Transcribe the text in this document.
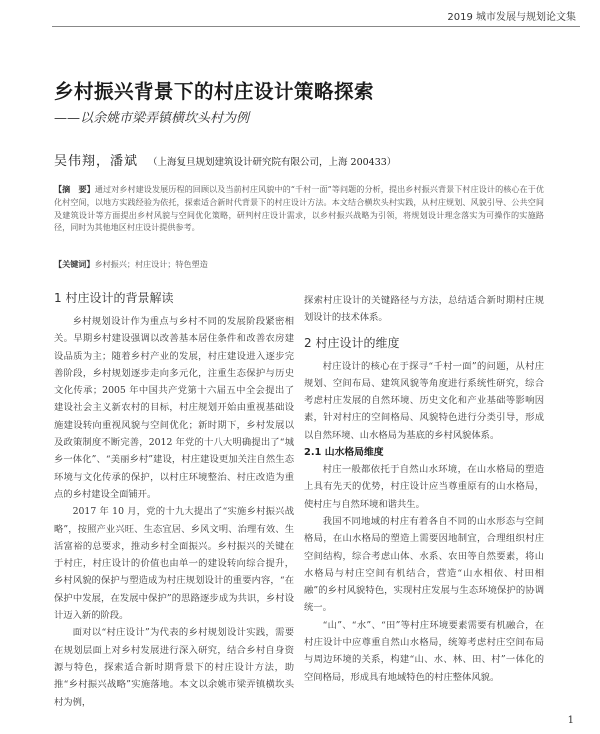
2019 城市发展与规划论文集
乡村振兴背景下的村庄设计策略探索
——以余姚市梁弄镇横坎头村为例
吴伟翔，潘斌 （上海复旦规划建筑设计研究院有限公司，上海 200433）
【摘　要】通过对乡村建设发展历程的回顾以及当前村庄风貌中的“千村一面”等问题的分析，提出乡村振兴背景下村庄设计的核心在于优化村空间，以地方实践经验为依托，探索适合新时代背景下的村庄设计方法。本文结合横坎头村实践，从村庄规划、风貌引导、公共空间及建筑设计等方面提出乡村风貌与空间优化策略，研判村庄设计需求，以乡村振兴战略为引领，将规划设计理念落实为可操作的实施路径，同时为其他地区村庄设计提供参考。
【关键词】乡村振兴；村庄设计；特色塑造
1 村庄设计的背景解读

乡村规划设计作为重点与乡村不同的发展阶段紧密相关。早期乡村建设强调以改善基本居住条件和改善农房建设品质为主；随着乡村产业的发展，村庄建设进入逐步完善阶段，乡村规划逐步走向多元化，注重生态保护与历史文化传承；2005 年中国共产党第十六届五中全会提出了建设社会主义新农村的目标，村庄规划开始由重视基础设施建设转向重视风貌与空间优化；新时期下，乡村发展以及政策制度不断完善，2012 年党的十八大明确提出了“城乡一体化”、“美丽乡村”建设，村庄建设更加关注自然生态环境与文化传承的保护，以村庄环境整治、村庄改造为重点的乡村建设全面铺开。

2017 年 10 月，党的十九大提出了“实施乡村振兴战略”，按照产业兴旺、生态宜居、乡风文明、治理有效、生活富裕的总要求，推动乡村全面振兴。乡村振兴的关键在于村庄，村庄设计的价值也由单一的建设转向综合提升，乡村风貌的保护与塑造成为村庄规划设计的重要内容，“在保护中发展，在发展中保护”的思路逐步成为共识，乡村设计迈入新的阶段。

面对以“村庄设计”为代表的乡村规划设计实践，需要在规划层面上对乡村发展进行深入研究，结合乡村自身资源与特色，探索适合新时期背景下的村庄设计方法，助推“乡村振兴战略”实施落地。本文以余姚市梁弄镇横坎头村为例，

探索村庄设计的关键路径与方法，总结适合新时期村庄规划设计的技术体系。

2 村庄设计的维度

村庄设计的核心在于探寻“千村一面”的问题，从村庄规划、空间布局、建筑风貌等角度进行系统性研究，综合考虑村庄发展的自然环境、历史文化和产业基础等影响因素，针对村庄的空间格局、风貌特色进行分类引导，形成以自然环境、山水格局为基底的乡村风貌体系。

2.1 山水格局维度

村庄一般都依托于自然山水环境，在山水格局的塑造上具有先天的优势，村庄设计应当尊重原有的山水格局，使村庄与自然环境和谐共生。

我国不同地域的村庄有着各自不同的山水形态与空间格局，在山水格局的塑造上需要因地制宜，合理组织村庄空间结构，综合考虑山体、水系、农田等自然要素，将山水格局与村庄空间有机结合，营造“山水相依、村田相融”的乡村风貌特色，实现村庄发展与生态环境保护的协调统一。

“山”、“水”、“田”等村庄环境要素需要有机融合，在村庄设计中应尊重自然山水格局，统筹考虑村庄空间布局与周边环境的关系，构建“山、水、林、田、村”一体化的空间格局，形成具有地域特色的村庄整体风貌。

1
